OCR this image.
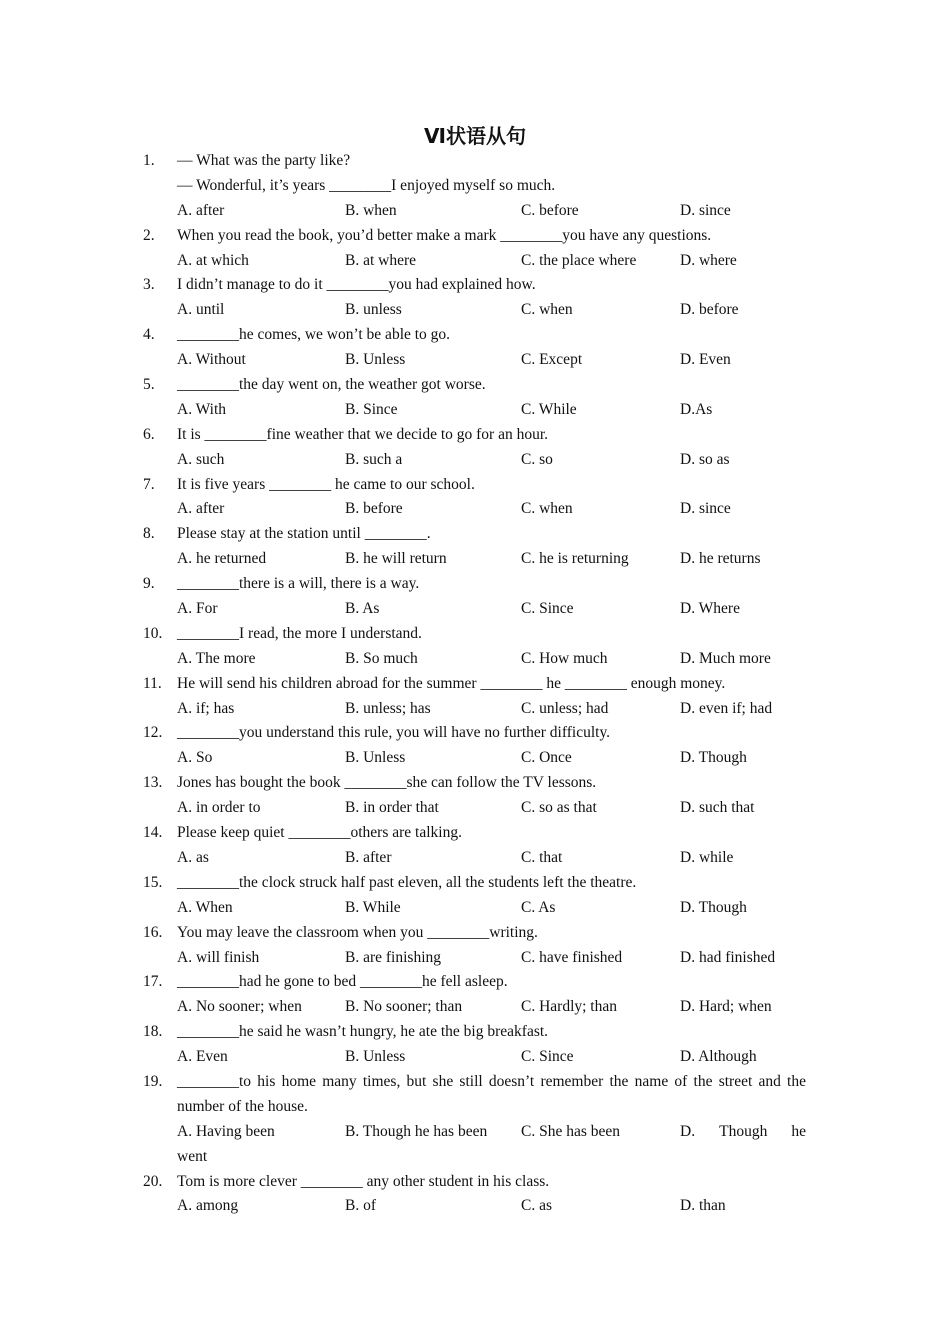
Ⅵ状语从句
1. — What was the party like?
— Wonderful, it’s years ________I enjoyed myself so much.
A. after	B. when	C. before	D. since
2. When you read the book, you’d better make a mark ________you have any questions.
A. at which	B. at where	C. the place where	D. where
3. I didn’t manage to do it ________you had explained how.
A. until	B. unless	C. when	D. before
4. ________he comes, we won’t be able to go.
A. Without	B. Unless	C. Except	D. Even
5. ________the day went on, the weather got worse.
A. With	B. Since	C. While	D.As
6. It is ________fine weather that we decide to go for an hour.
A. such	B. such a	C. so	D. so as
7. It is five years ________ he came to our school.
A. after	B. before	C. when	D. since
8. Please stay at the station until ________.
A. he returned	B. he will return	C. he is returning	D. he returns
9. ________there is a will, there is a way.
A. For	B. As	C. Since	D. Where
10. ________I read, the more I understand.
A. The more	B. So much	C. How much	D. Much more
11. He will send his children abroad for the summer ________ he ________ enough money.
A. if; has	B. unless; has	C. unless; had	D. even if; had
12. ________you understand this rule, you will have no further difficulty.
A. So	B. Unless	C. Once	D. Though
13. Jones has bought the book ________she can follow the TV lessons.
A. in order to	B. in order that	C. so as that	D. such that
14. Please keep quiet ________others are talking.
A. as	B. after	C. that	D. while
15. ________the clock struck half past eleven, all the students left the theatre.
A. When	B. While	C. As	D. Though
16. You may leave the classroom when you ________writing.
A. will finish	B. are finishing	C. have finished	D. had finished
17. ________had he gone to bed ________he fell asleep.
A. No sooner; when	B. No sooner; than	C. Hardly; than	D. Hard; when
18. ________he said he wasn’t hungry, he ate the big breakfast.
A. Even	B. Unless	C. Since	D. Although
19. ________to his home many times, but she still doesn’t remember the name of the street and the number of the house.
A. Having been	B. Though he has been C. She has been	D. Though he
went
20. Tom is more clever ________ any other student in his class.
A. among	B. of	C. as	D. than
